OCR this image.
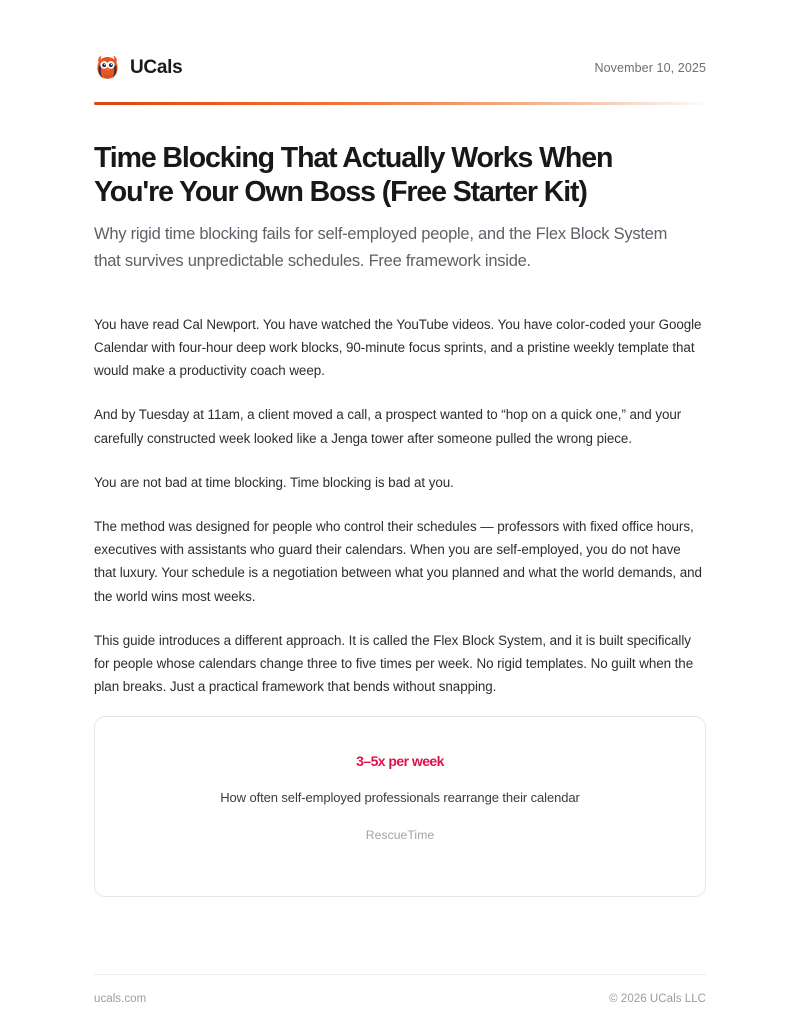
UCals	November 10, 2025
Time Blocking That Actually Works When You're Your Own Boss (Free Starter Kit)

Why rigid time blocking fails for self-employed people, and the Flex Block System that survives unpredictable schedules. Free framework inside.

You have read Cal Newport. You have watched the YouTube videos. You have color-coded your Google Calendar with four-hour deep work blocks, 90-minute focus sprints, and a pristine weekly template that would make a productivity coach weep.

And by Tuesday at 11am, a client moved a call, a prospect wanted to “hop on a quick one,” and your carefully constructed week looked like a Jenga tower after someone pulled the wrong piece.

You are not bad at time blocking. Time blocking is bad at you.

The method was designed for people who control their schedules — professors with fixed office hours, executives with assistants who guard their calendars. When you are self-employed, you do not have that luxury. Your schedule is a negotiation between what you planned and what the world demands, and the world wins most weeks.

This guide introduces a different approach. It is called the Flex Block System, and it is built specifically for people whose calendars change three to five times per week. No rigid templates. No guilt when the plan breaks. Just a practical framework that bends without snapping.

3–5x per week
How often self-employed professionals rearrange their calendar
RescueTime
ucals.com	© 2026 UCals LLC
